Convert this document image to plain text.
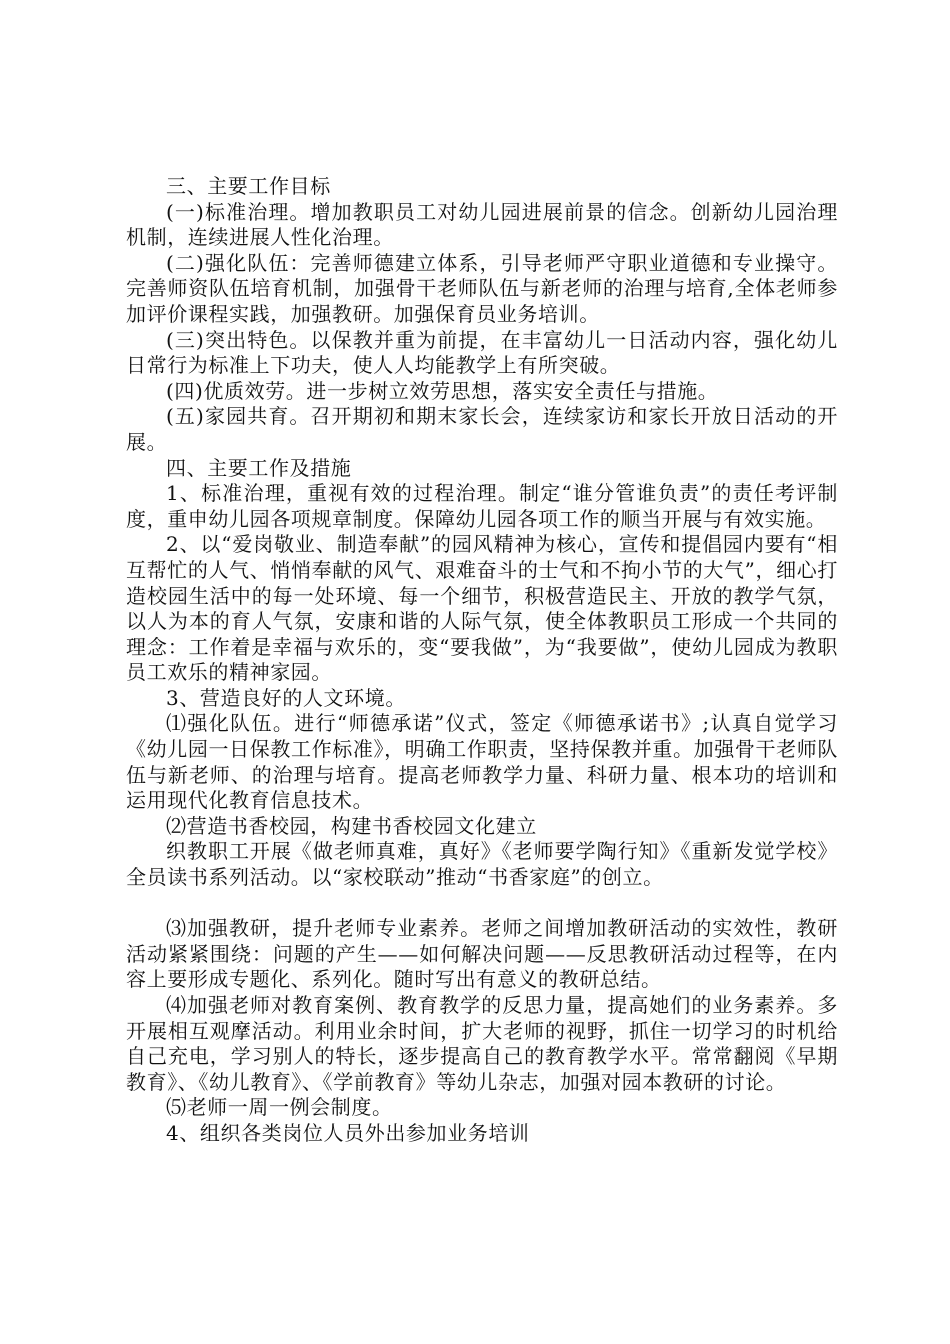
三、主要工作目标

(一)标准治理。增加教职员工对幼儿园进展前景的信念。创新幼儿园治理机制，连续进展人性化治理。

(二)强化队伍：完善师德建立体系，引导老师严守职业道德和专业操守。完善师资队伍培育机制，加强骨干老师队伍与新老师的治理与培育,全体老师参加评价课程实践，加强教研。加强保育员业务培训。

(三)突出特色。以保教并重为前提，在丰富幼儿一日活动内容，强化幼儿日常行为标准上下功夫，使人人均能教学上有所突破。

(四)优质效劳。进一步树立效劳思想，落实安全责任与措施。

(五)家园共育。召开期初和期末家长会，连续家访和家长开放日活动的开展。

四、主要工作及措施

1、标准治理，重视有效的过程治理。制定“谁分管谁负责”的责任考评制度，重申幼儿园各项规章制度。保障幼儿园各项工作的顺当开展与有效实施。

2、以“爱岗敬业、制造奉献”的园风精神为核心，宣传和提倡园内要有“相互帮忙的人气、悄悄奉献的风气、艰难奋斗的士气和不拘小节的大气”，细心打造校园生活中的每一处环境、每一个细节，积极营造民主、开放的教学气氛，以人为本的育人气氛，安康和谐的人际气氛，使全体教职员工形成一个共同的理念：工作着是幸福与欢乐的，变“要我做”，为“我要做”，使幼儿园成为教职员工欢乐的精神家园。

3、营造良好的人文环境。

⑴强化队伍。进行“师德承诺”仪式，签定《师德承诺书》;认真自觉学习《幼儿园一日保教工作标准》，明确工作职责，坚持保教并重。加强骨干老师队伍与新老师、的治理与培育。提高老师教学力量、科研力量、根本功的培训和运用现代化教育信息技术。

⑵营造书香校园，构建书香校园文化建立

织教职工开展《做老师真难，真好》《老师要学陶行知》《重新发觉学校》全员读书系列活动。以“家校联动”推动“书香家庭”的创立。

⑶加强教研，提升老师专业素养。老师之间增加教研活动的实效性，教研活动紧紧围绕：问题的产生——如何解决问题——反思教研活动过程等，在内容上要形成专题化、系列化。随时写出有意义的教研总结。

⑷加强老师对教育案例、教育教学的反思力量，提高她们的业务素养。多开展相互观摩活动。利用业余时间，扩大老师的视野，抓住一切学习的时机给自己充电，学习别人的特长，逐步提高自己的教育教学水平。常常翻阅《早期教育》、《幼儿教育》、《学前教育》等幼儿杂志，加强对园本教研的讨论。

⑸老师一周一例会制度。

4、组织各类岗位人员外出参加业务培训
